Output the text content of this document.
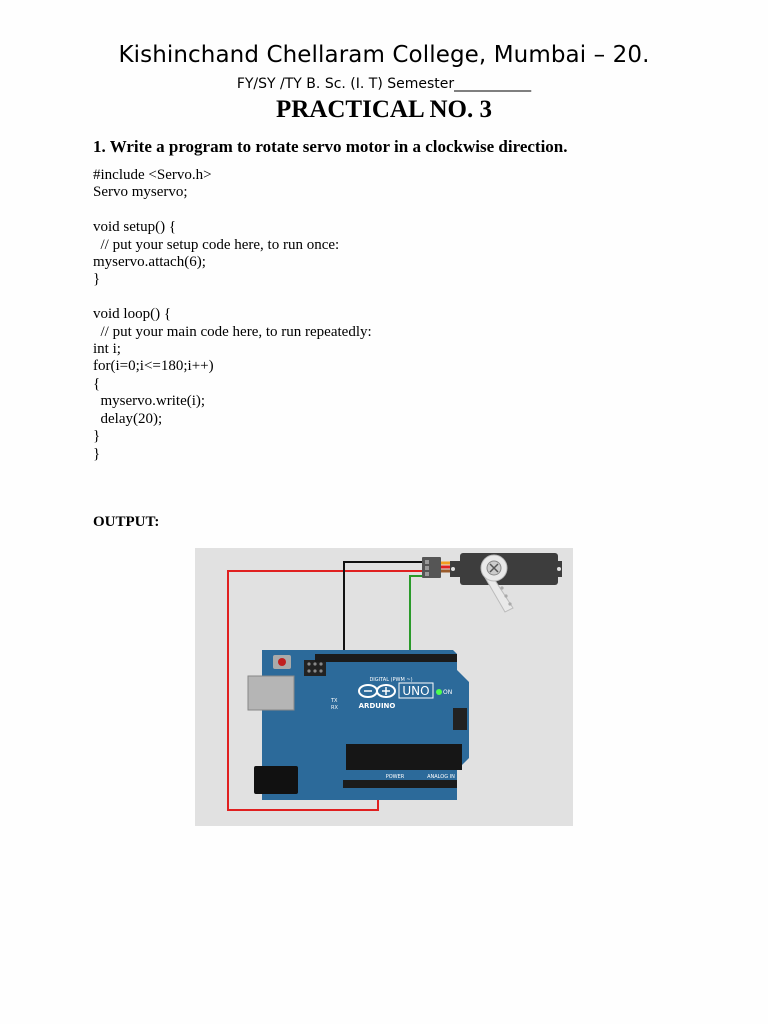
Kishinchand Chellaram College, Mumbai – 20.
FY/SY /TY B. Sc. (I. T) Semester___________
PRACTICAL NO. 3
1. Write a program to rotate servo motor in a clockwise direction.
#include <Servo.h>
Servo myservo;

void setup() {
// put your setup code here, to run once:
myservo.attach(6);
}

void loop() {
// put your main code here, to run repeatedly:
int i;
for(i=0;i<=180;i++)
{
myservo.write(i);
delay(20);
}
}

OUTPUT:
ON
DIGITAL (PWM ~)
TX
RX	ARDUINO
UNO
POWER	ANALOG IN
